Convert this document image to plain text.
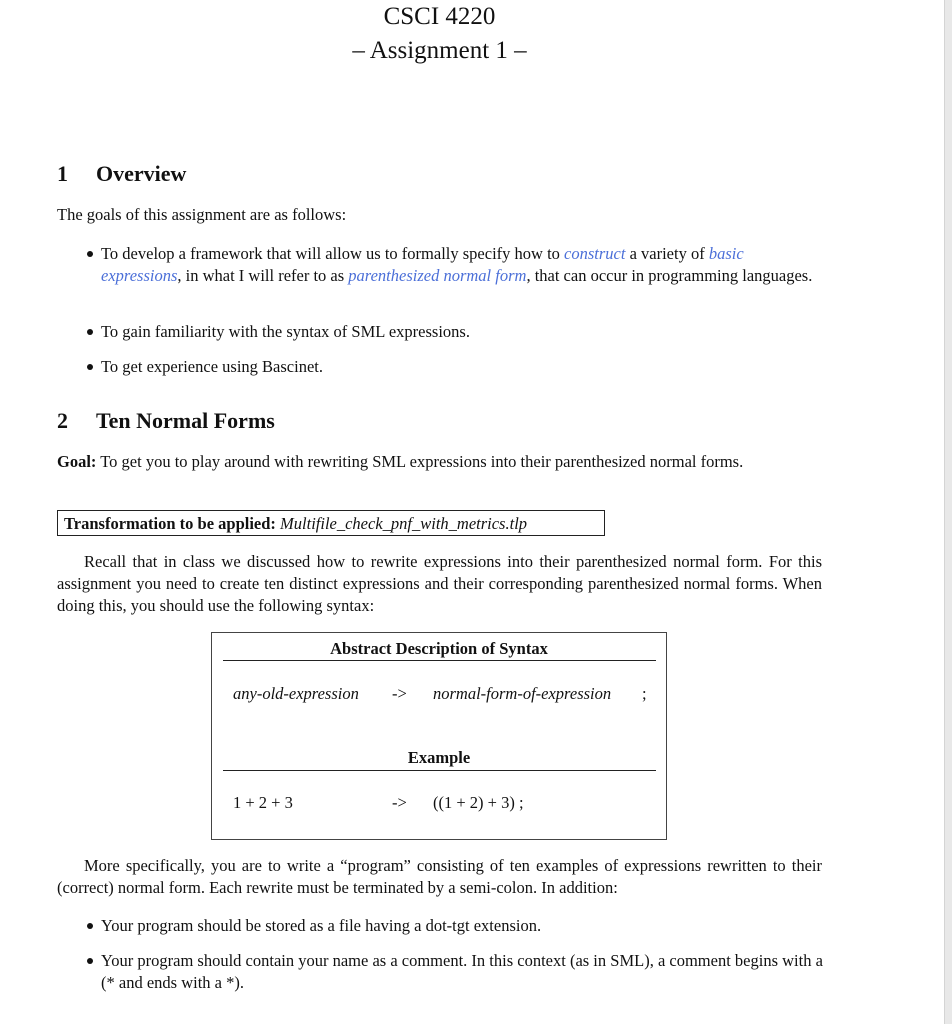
CSCI 4220
– Assignment 1 –
1 Overview
The goals of this assignment are as follows:
To develop a framework that will allow us to formally specify how to construct a variety of basic expressions, in what I will refer to as parenthesized normal form, that can occur in programming languages.
To gain familiarity with the syntax of SML expressions.
To get experience using Bascinet.
2 Ten Normal Forms
Goal: To get you to play around with rewriting SML expressions into their parenthesized normal forms.
Transformation to be applied: Multifile_check_pnf_with_metrics.tlp
Recall that in class we discussed how to rewrite expressions into their parenthesized normal form. For this assignment you need to create ten distinct expressions and their corresponding parenthesized normal forms. When doing this, you should use the following syntax:
Abstract Description of Syntax
any-old-expression -> normal-form-of-expression ;
Example
1 + 2 + 3	-> ((1 + 2) + 3) ;
More specifically, you are to write a “program” consisting of ten examples of expressions rewritten to their (correct) normal form. Each rewrite must be terminated by a semi-colon. In addition:
Your program should be stored as a file having a dot-tgt extension.
Your program should contain your name as a comment. In this context (as in SML), a comment begins with a (* and ends with a *).
